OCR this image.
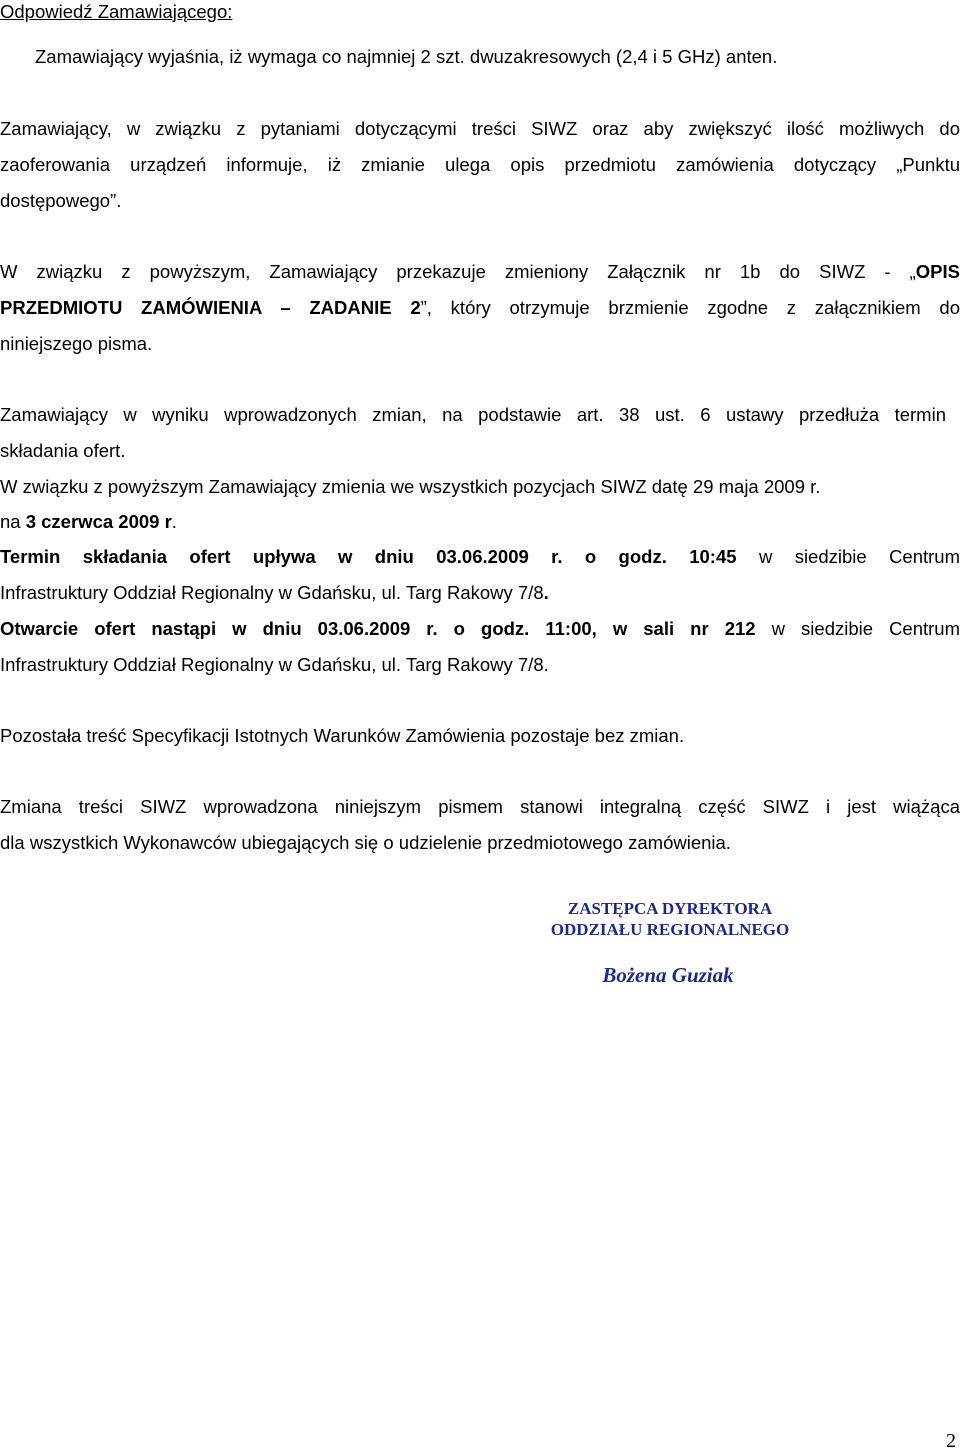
Odpowiedź Zamawiającego:
Zamawiający wyjaśnia, iż wymaga co najmniej 2 szt. dwuzakresowych (2,4 i 5 GHz) anten.
Zamawiający, w związku z pytaniami dotyczącymi treści SIWZ oraz aby zwiększyć ilość możliwych do
zaoferowania urządzeń informuje, iż zmianie ulega opis przedmiotu zamówienia dotyczący „Punktu
dostępowego”.
W związku z powyższym, Zamawiający przekazuje zmieniony Załącznik nr 1b do SIWZ - „OPIS
PRZEDMIOTU ZAMÓWIENIA – ZADANIE 2”, który otrzymuje brzmienie zgodne z załącznikiem do
niniejszego pisma.
Zamawiający w wyniku wprowadzonych zmian, na podstawie art. 38 ust. 6 ustawy przedłuża termin
składania ofert.
W związku z powyższym Zamawiający zmienia we wszystkich pozycjach SIWZ datę 29 maja 2009 r.
na 3 czerwca 2009 r.
Termin składania ofert upływa w dniu 03.06.2009 r. o godz. 10:45 w siedzibie Centrum
Infrastruktury Oddział Regionalny w Gdańsku, ul. Targ Rakowy 7/8.
Otwarcie ofert nastąpi w dniu 03.06.2009 r. o godz. 11:00, w sali nr 212 w siedzibie Centrum
Infrastruktury Oddział Regionalny w Gdańsku, ul. Targ Rakowy 7/8.
Pozostała treść Specyfikacji Istotnych Warunków Zamówienia pozostaje bez zmian.
Zmiana treści SIWZ wprowadzona niniejszym pismem stanowi integralną część SIWZ i jest wiążąca
dla wszystkich Wykonawców ubiegających się o udzielenie przedmiotowego zamówienia.
ZASTĘPCA DYREKTORA
ODDZIAŁU REGIONALNEGO
Bożena Guziak
2
